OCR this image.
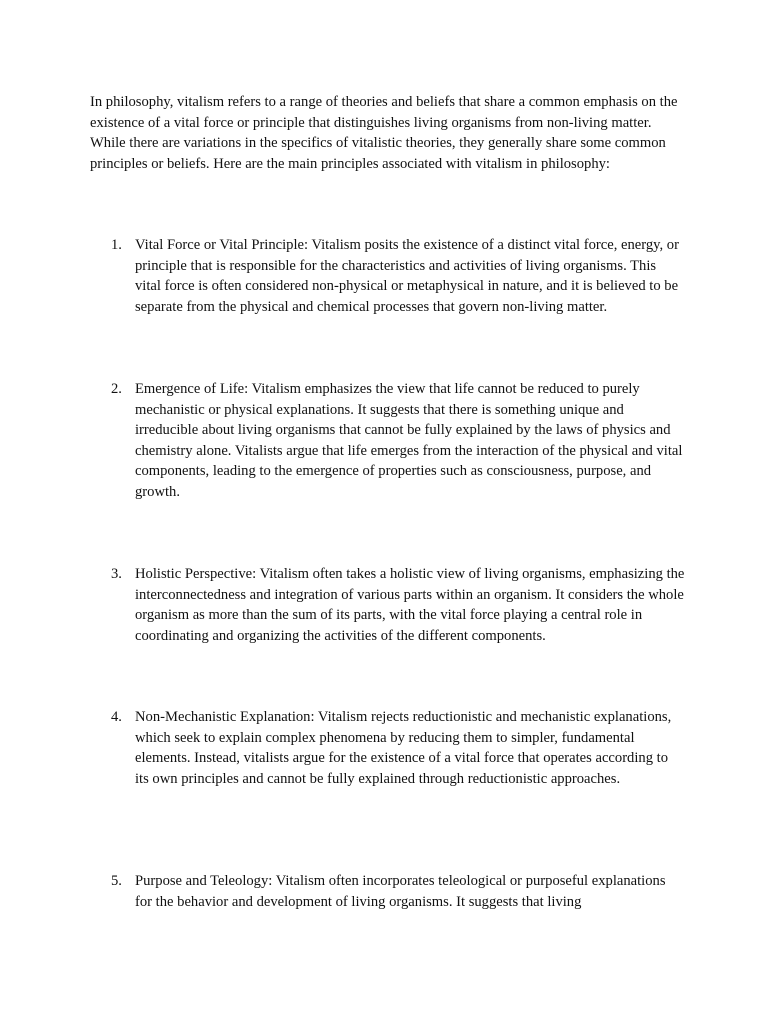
In philosophy, vitalism refers to a range of theories and beliefs that share a common emphasis on the existence of a vital force or principle that distinguishes living organisms from non-living matter. While there are variations in the specifics of vitalistic theories, they generally share some common principles or beliefs. Here are the main principles associated with vitalism in philosophy:

1. Vital Force or Vital Principle: Vitalism posits the existence of a distinct vital force, energy, or principle that is responsible for the characteristics and activities of living organisms. This vital force is often considered non-physical or metaphysical in nature, and it is believed to be separate from the physical and chemical processes that govern non-living matter.

2. Emergence of Life: Vitalism emphasizes the view that life cannot be reduced to purely mechanistic or physical explanations. It suggests that there is something unique and irreducible about living organisms that cannot be fully explained by the laws of physics and chemistry alone. Vitalists argue that life emerges from the interaction of the physical and vital components, leading to the emergence of properties such as consciousness, purpose, and growth.

3. Holistic Perspective: Vitalism often takes a holistic view of living organisms, emphasizing the interconnectedness and integration of various parts within an organism. It considers the whole organism as more than the sum of its parts, with the vital force playing a central role in coordinating and organizing the activities of the different components.

4. Non-Mechanistic Explanation: Vitalism rejects reductionistic and mechanistic explanations, which seek to explain complex phenomena by reducing them to simpler, fundamental elements. Instead, vitalists argue for the existence of a vital force that operates according to its own principles and cannot be fully explained through reductionistic approaches.

5. Purpose and Teleology: Vitalism often incorporates teleological or purposeful explanations for the behavior and development of living organisms. It suggests that living
